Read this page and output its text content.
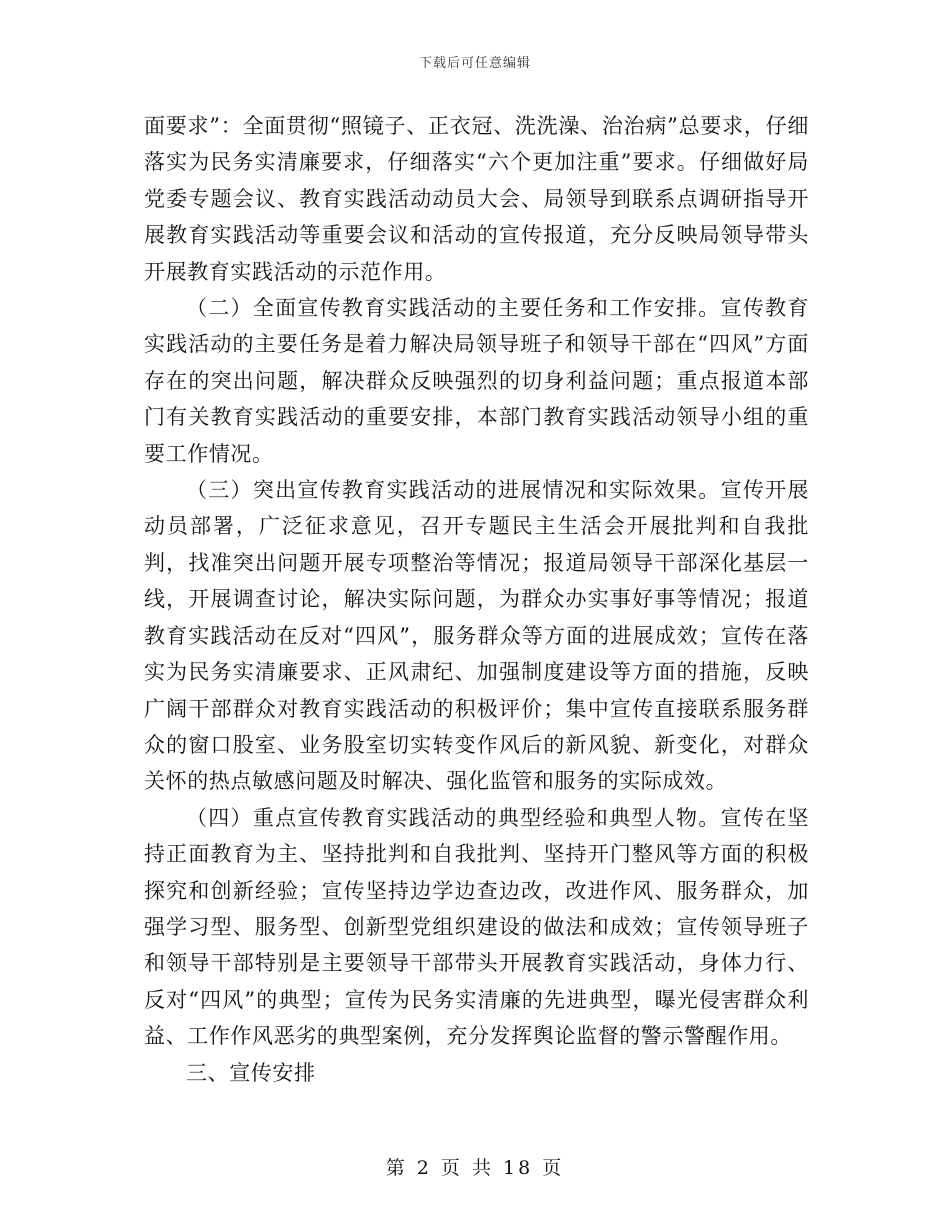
下载后可任意编辑

面要求”：全面贯彻“照镜子、正衣冠、洗洗澡、治治病”总要求，仔细落实为民务实清廉要求，仔细落实“六个更加注重”要求。仔细做好局党委专题会议、教育实践活动动员大会、局领导到联系点调研指导开展教育实践活动等重要会议和活动的宣传报道，充分反映局领导带头开展教育实践活动的示范作用。

（二）全面宣传教育实践活动的主要任务和工作安排。宣传教育实践活动的主要任务是着力解决局领导班子和领导干部在“四风”方面存在的突出问题，解决群众反映强烈的切身利益问题；重点报道本部门有关教育实践活动的重要安排，本部门教育实践活动领导小组的重要工作情况。

（三）突出宣传教育实践活动的进展情况和实际效果。宣传开展动员部署，广泛征求意见，召开专题民主生活会开展批判和自我批判，找准突出问题开展专项整治等情况；报道局领导干部深化基层一线，开展调查讨论，解决实际问题，为群众办实事好事等情况；报道教育实践活动在反对“四风”，服务群众等方面的进展成效；宣传在落实为民务实清廉要求、正风肃纪、加强制度建设等方面的措施，反映广阔干部群众对教育实践活动的积极评价；集中宣传直接联系服务群众的窗口股室、业务股室切实转变作风后的新风貌、新变化，对群众关怀的热点敏感问题及时解决、强化监管和服务的实际成效。

（四）重点宣传教育实践活动的典型经验和典型人物。宣传在坚持正面教育为主、坚持批判和自我批判、坚持开门整风等方面的积极探究和创新经验；宣传坚持边学边查边改，改进作风、服务群众，加强学习型、服务型、创新型党组织建设的做法和成效；宣传领导班子和领导干部特别是主要领导干部带头开展教育实践活动，身体力行、反对“四风”的典型；宣传为民务实清廉的先进典型，曝光侵害群众利益、工作作风恶劣的典型案例，充分发挥舆论监督的警示警醒作用。

三、宣传安排

第 2 页 共 18 页
